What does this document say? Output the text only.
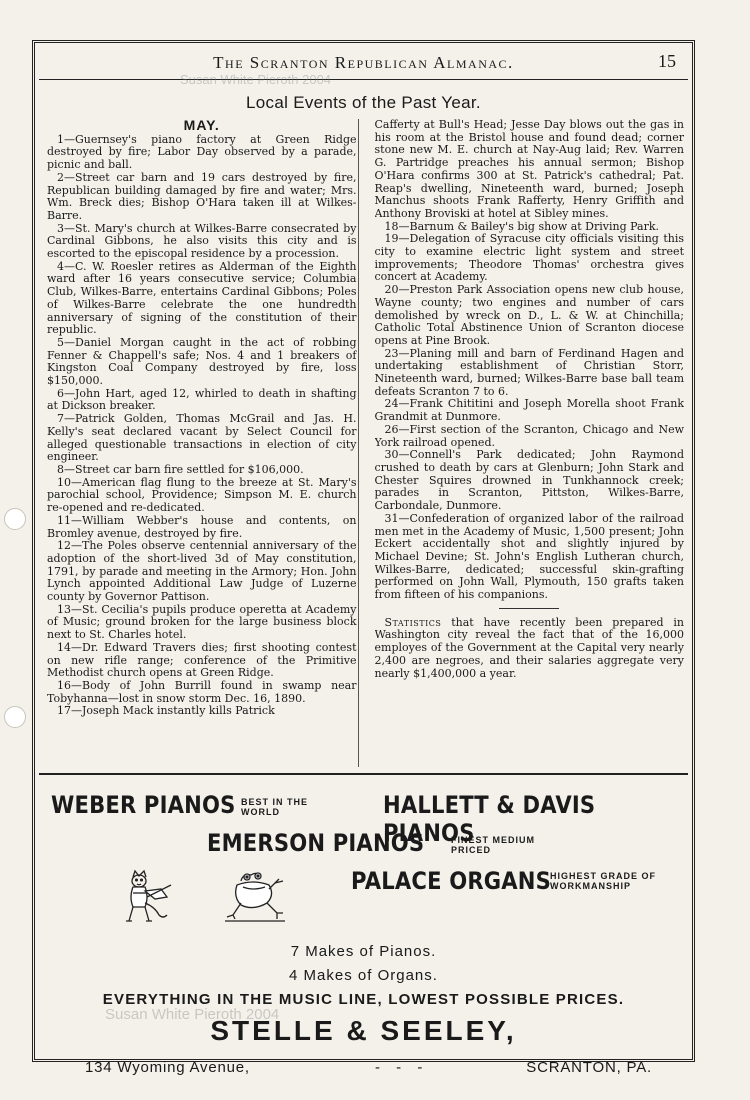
The Scranton Republican Almanac.	15
Local Events of the Past Year.
MAY.

1—Guernsey's piano factory at Green Ridge destroyed by fire; Labor Day observed by a parade, picnic and ball.

2—Street car barn and 19 cars destroyed by fire, Republican building damaged by fire and water; Mrs. Wm. Breck dies; Bishop O'Hara taken ill at Wilkes-Barre.

3—St. Mary's church at Wilkes-Barre consecrated by Cardinal Gibbons, he also visits this city and is escorted to the episcopal residence by a procession.

4—C. W. Roesler retires as Alderman of the Eighth ward after 16 years consecutive service; Columbia Club, Wilkes-Barre, entertains Cardinal Gibbons; Poles of Wilkes-Barre celebrate the one hundredth anniversary of signing of the constitution of their republic.

5—Daniel Morgan caught in the act of robbing Fenner & Chappell's safe; Nos. 4 and 1 breakers of Kingston Coal Company destroyed by fire, loss $150,000.

6—John Hart, aged 12, whirled to death in shafting at Dickson breaker.

7—Patrick Golden, Thomas McGrail and Jas. H. Kelly's seat declared vacant by Select Council for alleged questionable transactions in election of city engineer.

8—Street car barn fire settled for $106,000.

10—American flag flung to the breeze at St. Mary's parochial school, Providence; Simpson M. E. church re-opened and re-dedicated.

11—William Webber's house and contents, on Bromley avenue, destroyed by fire.

12—The Poles observe centennial anniversary of the adoption of the short-lived 3d of May constitution, 1791, by parade and meeting in the Armory; Hon. John Lynch appointed Additional Law Judge of Luzerne county by Governor Pattison.

13—St. Cecilia's pupils produce operetta at Academy of Music; ground broken for the large business block next to St. Charles hotel.

14—Dr. Edward Travers dies; first shooting contest on new rifle range; conference of the Primitive Methodist church opens at Green Ridge.

16—Body of John Burrill found in swamp near Tobyhanna—lost in snow storm Dec. 16, 1890.

17—Joseph Mack instantly kills Patrick

Cafferty at Bull's Head; Jesse Day blows out the gas in his room at the Bristol house and found dead; corner stone new M. E. church at Nay-Aug laid; Rev. Warren G. Partridge preaches his annual sermon; Bishop O'Hara confirms 300 at St. Patrick's cathedral; Pat. Reap's dwelling, Nineteenth ward, burned; Joseph Manchus shoots Frank Rafferty, Henry Griffith and Anthony Broviski at hotel at Sibley mines.

18—Barnum & Bailey's big show at Driving Park.

19—Delegation of Syracuse city officials visiting this city to examine electric light system and street improvements; Theodore Thomas' orchestra gives concert at Academy.

20—Preston Park Association opens new club house, Wayne county; two engines and number of cars demolished by wreck on D., L. & W. at Chinchilla; Catholic Total Abstinence Union of Scranton diocese opens at Pine Brook.

23—Planing mill and barn of Ferdinand Hagen and undertaking establishment of Christian Storr, Nineteenth ward, burned; Wilkes-Barre base ball team defeats Scranton 7 to 6.

24—Frank Chititini and Joseph Morella shoot Frank Grandmit at Dunmore.

26—First section of the Scranton, Chicago and New York railroad opened.

30—Connell's Park dedicated; John Raymond crushed to death by cars at Glenburn; John Stark and Chester Squires drowned in Tunkhannock creek; parades in Scranton, Pittston, Wilkes-Barre, Carbondale, Dunmore.

31—Confederation of organized labor of the railroad men met in the Academy of Music, 1,500 present; John Eckert accidentally shot and slightly injured by Michael Devine; St. John's English Lutheran church, Wilkes-Barre, dedicated; successful skin-grafting performed on John Wall, Plymouth, 150 grafts taken from fifteen of his companions.

Statistics that have recently been prepared in Washington city reveal the fact that of the 16,000 employes of the Government at the Capital very nearly 2,400 are negroes, and their salaries aggregate very nearly $1,400,000 a year.

WEBER PIANOS BEST IN THE
WORLD	HALLETT & DAVIS PIANOS
EMERSON PIANOS	FINEST MEDIUM
PRICED
PALACE ORGANS
HIGHEST GRADE OF
WORKMANSHIP
7 Makes of Pianos.
4 Makes of Organs.
EVERYTHING IN THE MUSIC LINE, LOWEST POSSIBLE PRICES.
STELLE & SEELEY,
134 Wyoming Avenue,	- - -	SCRANTON, PA.
Susan White Pieroth 2004
Susan White Pieroth 2004
